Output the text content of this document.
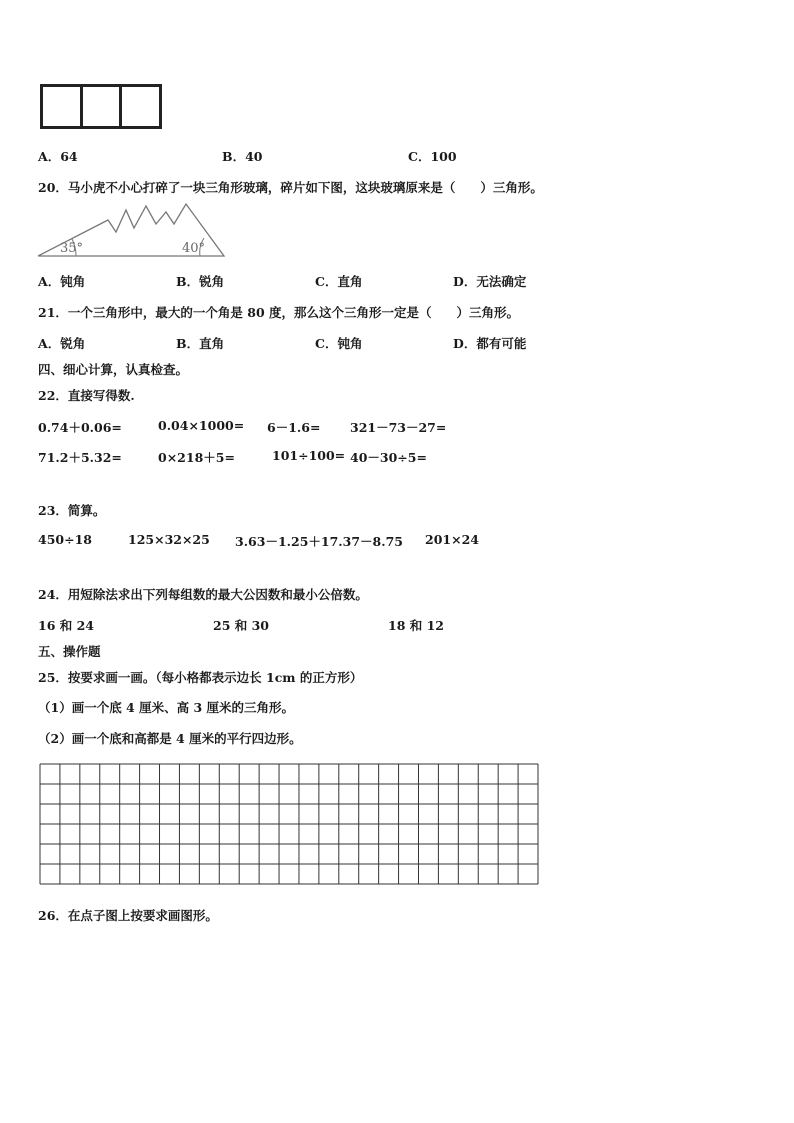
A．64	B．40	C．100
20．马小虎不小心打碎了一块三角形玻璃，碎片如下图，这块玻璃原来是（　　）三角形。
35°	40°
A．钝角	B．锐角	C．直角	D．无法确定
21．一个三角形中，最大的一个角是 80 度，那么这个三角形一定是（　　）三角形。
A．锐角	B．直角	C．钝角	D．都有可能
四、细心计算，认真检查。
22．直接写得数.
0.74＋0.06=	0.04×1000= 6－1.6= 321－73－27=
71.2＋5.32=	0×218＋5=	101÷100= 40－30÷5=
23．简算。
450÷18	125×32×25 3.63－1.25＋17.37－8.75 201×24
24．用短除法求出下列每组数的最大公因数和最小公倍数。
16 和 24	25 和 30	18 和 12
五、操作题
25．按要求画一画。（每小格都表示边长 1cm 的正方形）
（1）画一个底 4 厘米、高 3 厘米的三角形。
（2）画一个底和高都是 4 厘米的平行四边形。
26．在点子图上按要求画图形。
